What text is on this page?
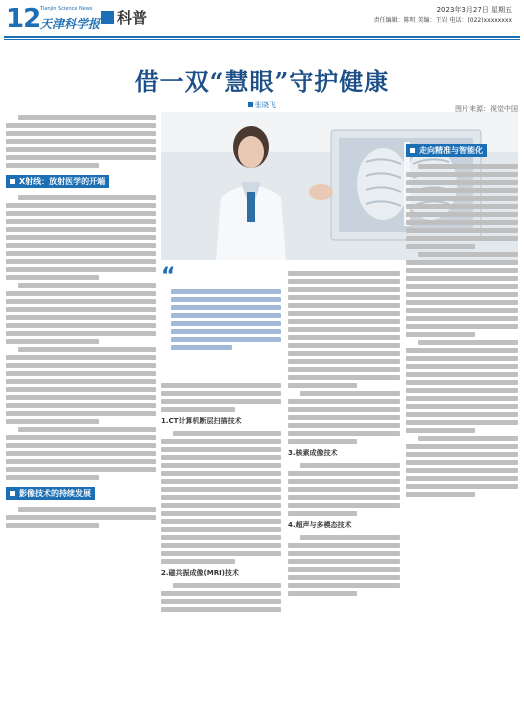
12 Tianjin Science News
天津科学报 科普	2023年3月27日 星期五
责任编辑：陈明 美编：王岩 电话：(022)xxxxxxxx
借一双“慧眼”守护健康
张晓飞	图片来源：视觉中国
X射线：放射医学的开端
影像技术的持续发展
“
1.CT计算机断层扫描技术
2.磁共振成像(MRI)技术
3.核素成像技术
4.超声与多模态技术
走向精准与智能化
